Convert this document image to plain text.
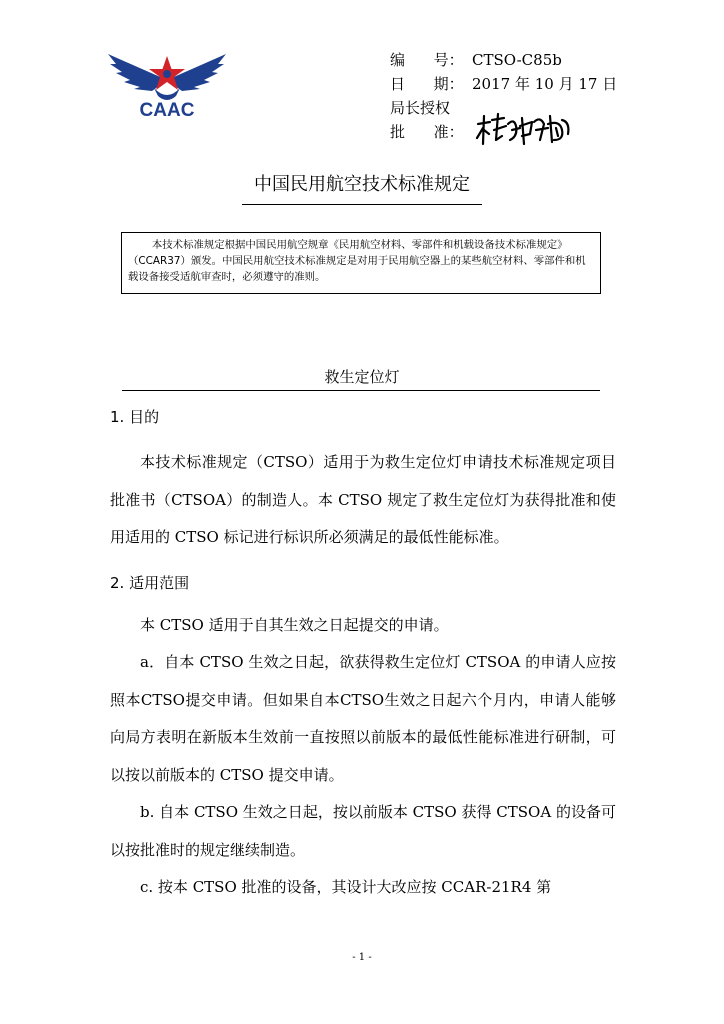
CAAC
编      号： CTSO-C85b
日      期： 2017 年 10 月 17 日
局长授权
批      准：
中国民用航空技术标准规定

本技术标准规定根据中国民用航空规章《民用航空材料、零部件和机载设备技术标准规定》（CCAR37）颁发。中国民用航空技术标准规定是对用于民用航空器上的某些航空材料、零部件和机载设备接受适航审查时，必须遵守的准则。

救生定位灯
1. 目的

本技术标准规定（CTSO）适用于为救生定位灯申请技术标准规定项目批准书（CTSOA）的制造人。本 CTSO 规定了救生定位灯为获得批准和使用适用的 CTSO 标记进行标识所必须满足的最低性能标准。

2. 适用范围

本 CTSO 适用于自其生效之日起提交的申请。

a．自本 CTSO 生效之日起，欲获得救生定位灯 CTSOA 的申请人应按照本CTSO提交申请。但如果自本CTSO生效之日起六个月内，申请人能够向局方表明在新版本生效前一直按照以前版本的最低性能标准进行研制，可以按以前版本的 CTSO 提交申请。

b. 自本 CTSO 生效之日起，按以前版本 CTSO 获得 CTSOA 的设备可以按批准时的规定继续制造。

c. 按本 CTSO 批准的设备，其设计大改应按 CCAR-21R4 第

- 1 -
